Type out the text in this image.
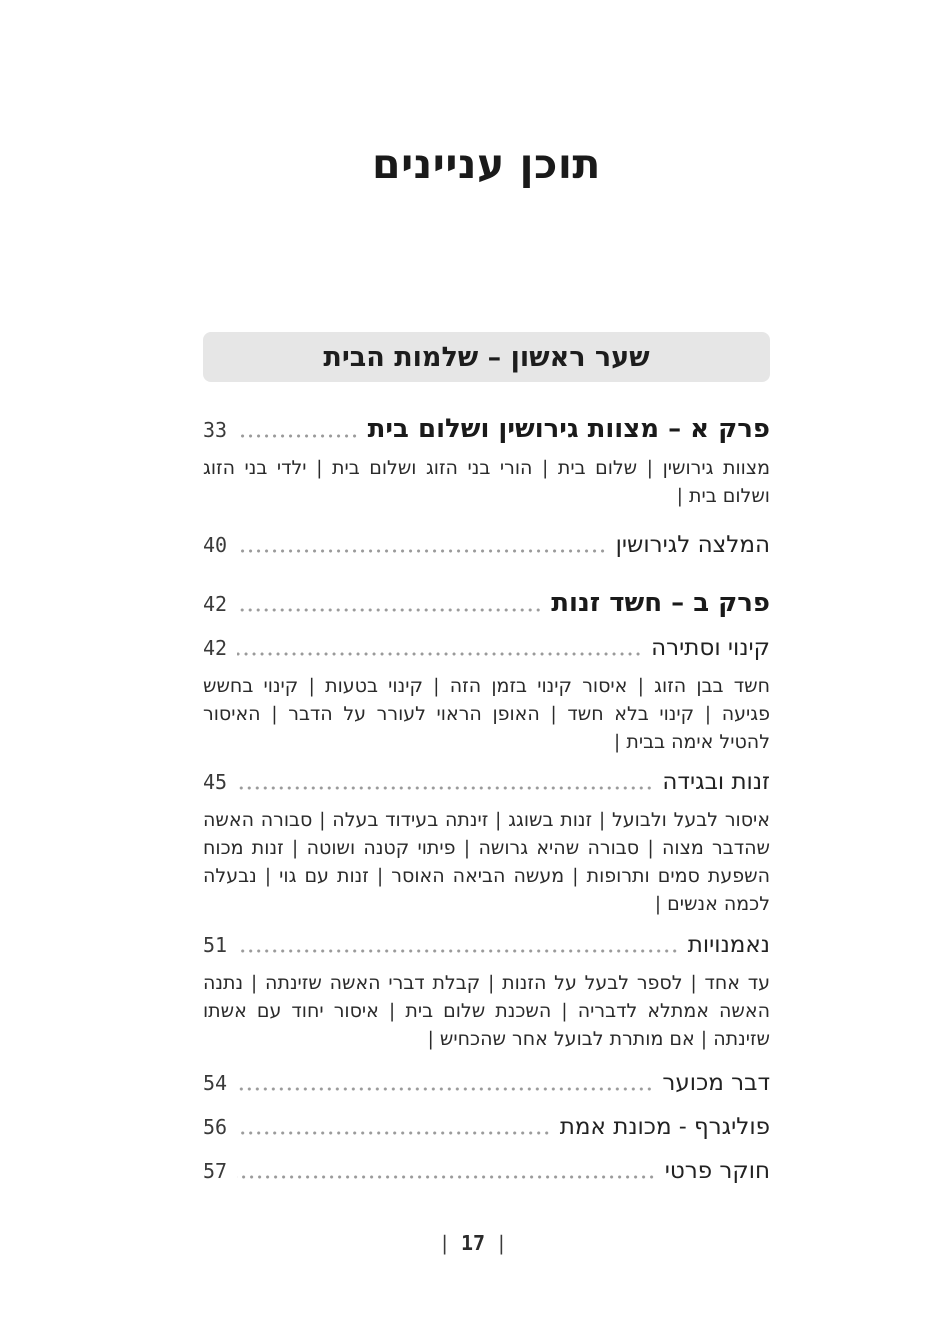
תוכן עניינים
שער ראשון – שלמות הבית
פרק א – מצוות גירושין ושלום בית
33
מצוות גירושין | שלום בית | הורי בני הזוג ושלום בית | ילדי בני הזוג ושלום בית |
המלצה לגירושין
40
פרק ב – חשד זנות
42
קינוי וסתירה
42
חשד בבן הזוג | איסור קינוי בזמן הזה | קינוי בטעות | קינוי בחשש פגיעה | קינוי בלא חשד | האופן הראוי לעורר על הדבר | האיסור להטיל אימה בבית |
זנות ובגידה
45
איסור לבעל ולבועל | זנות בשוגג | זינתה בעידוד בעלה | סבורה האשה שהדבר מצוה | סבורה שהיא גרושה | פיתוי קטנה ושוטה | זנות מכוח השפעת סמים ותרופות | מעשה הביאה האוסר | זנות עם גוי | נבעלה לכמה אנשים |
נאמנויות
51
עד אחד | לספר לבעל על הזנות | קבלת דברי האשה שזינתה | נתנה האשה אמתלא לדבריה | השכנת שלום בית | איסור יחוד עם אשתו שזינתה | אם מותרת לבועל אחר שהכחיש |
דבר מכוער
54
פוליגרף - מכונת אמת
56
חוקר פרטי
57
| 17 |
